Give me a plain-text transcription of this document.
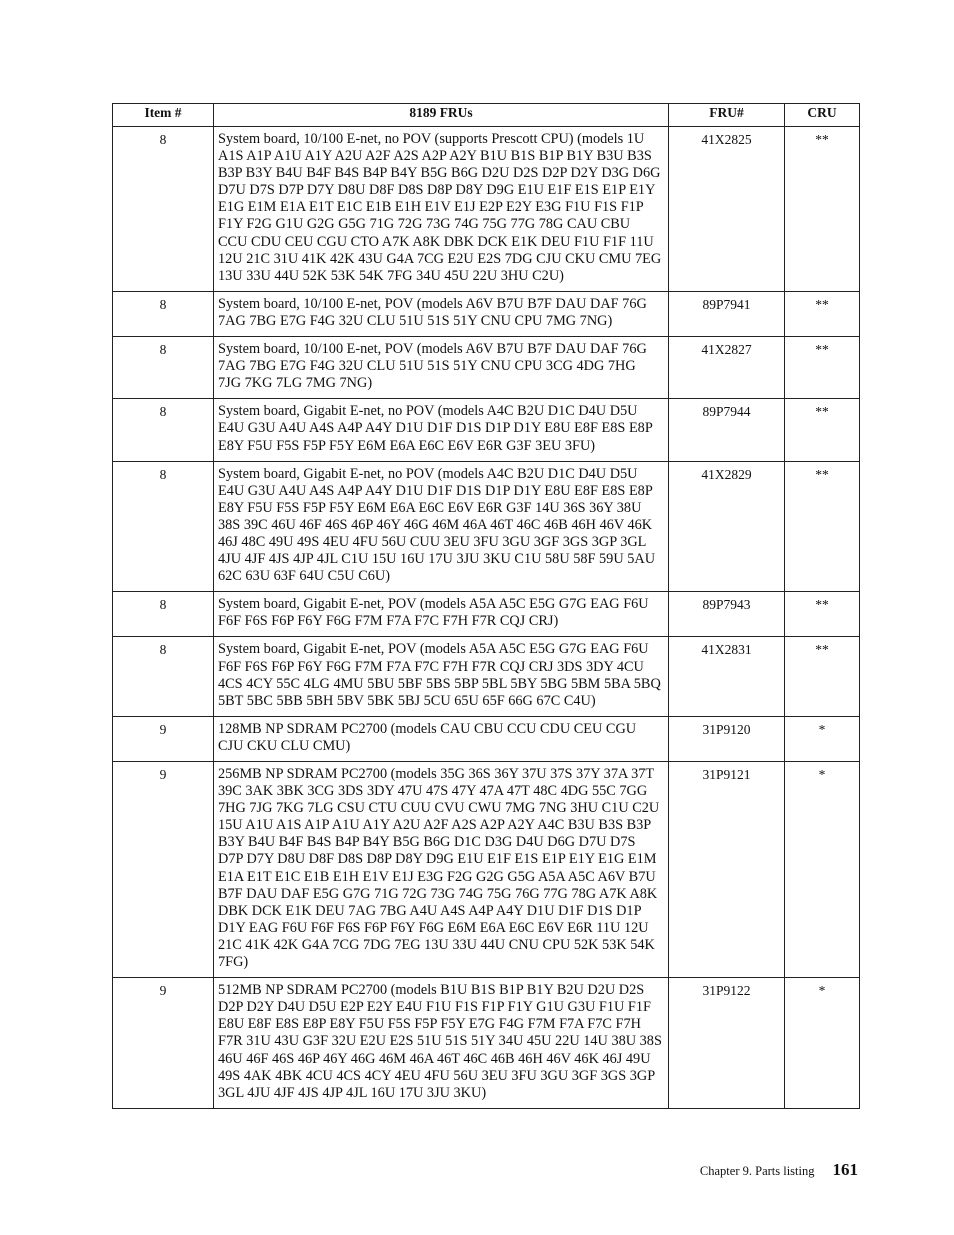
Item #	8189 FRUs	FRU#	CRU
8	System board, 10/100 E-net, no POV (supports Prescott CPU) (models 1U A1S A1P A1U A1Y A2U A2F A2S A2P A2Y B1U B1S B1P B1Y B3U B3S B3P B3Y B4U B4F B4S B4P B4Y B5G B6G D2U D2S D2P D2Y D3G D6G D7U D7S D7P D7Y D8U D8F D8S D8P D8Y D9G E1U E1F E1S E1P E1Y E1G E1M E1A E1T E1C E1B E1H E1V E1J E2P E2Y E3G F1U F1S F1P F1Y F2G G1U G2G G5G 71G 72G 73G 74G 75G 77G 78G CAU CBU CCU CDU CEU CGU CTO A7K A8K DBK DCK E1K DEU F1U F1F 11U 12U 21C 31U 41K 42K 43U G4A 7CG E2U E2S 7DG CJU CKU CMU 7EG 13U 33U 44U 52K 53K 54K 7FG 34U 45U 22U 3HU C2U)	41X2825	**
8	System board, 10/100 E-net, POV (models A6V B7U B7F DAU DAF 76G 7AG 7BG E7G F4G 32U CLU 51U 51S 51Y CNU CPU 7MG 7NG)	89P7941	**
8	System board, 10/100 E-net, POV (models A6V B7U B7F DAU DAF 76G 7AG 7BG E7G F4G 32U CLU 51U 51S 51Y CNU CPU 3CG 4DG 7HG 7JG 7KG 7LG 7MG 7NG)	41X2827	**
8	System board, Gigabit E-net, no POV (models A4C B2U D1C D4U D5U E4U G3U A4U A4S A4P A4Y D1U D1F D1S D1P D1Y E8U E8F E8S E8P E8Y F5U F5S F5P F5Y E6M E6A E6C E6V E6R G3F 3EU 3FU)	89P7944	**
8	System board, Gigabit E-net, no POV (models A4C B2U D1C D4U D5U E4U G3U A4U A4S A4P A4Y D1U D1F D1S D1P D1Y E8U E8F E8S E8P E8Y F5U F5S F5P F5Y E6M E6A E6C E6V E6R G3F 14U 36S 36Y 38U 38S 39C 46U 46F 46S 46P 46Y 46G 46M 46A 46T 46C 46B 46H 46V 46K 46J 48C 49U 49S 4EU 4FU 56U CUU 3EU 3FU 3GU 3GF 3GS 3GP 3GL 4JU 4JF 4JS 4JP 4JL C1U 15U 16U 17U 3JU 3KU C1U 58U 58F 59U 5AU 62C 63U 63F 64U C5U C6U)	41X2829	**
8	System board, Gigabit E-net, POV (models A5A A5C E5G G7G EAG F6U F6F F6S F6P F6Y F6G F7M F7A F7C F7H F7R CQJ CRJ)	89P7943	**
8	System board, Gigabit E-net, POV (models A5A A5C E5G G7G EAG F6U F6F F6S F6P F6Y F6G F7M F7A F7C F7H F7R CQJ CRJ 3DS 3DY 4CU 4CS 4CY 55C 4LG 4MU 5BU 5BF 5BS 5BP 5BL 5BY 5BG 5BM 5BA 5BQ 5BT 5BC 5BB 5BH 5BV 5BK 5BJ 5CU 65U 65F 66G 67C C4U)	41X2831	**
9	128MB NP SDRAM PC2700 (models CAU CBU CCU CDU CEU CGU CJU CKU CLU CMU)	31P9120	*
9	256MB NP SDRAM PC2700 (models 35G 36S 36Y 37U 37S 37Y 37A 37T 39C 3AK 3BK 3CG 3DS 3DY 47U 47S 47Y 47A 47T 48C 4DG 55C 7GG 7HG 7JG 7KG 7LG CSU CTU CUU CVU CWU 7MG 7NG 3HU C1U C2U 15U A1U A1S A1P A1U A1Y A2U A2F A2S A2P A2Y A4C B3U B3S B3P B3Y B4U B4F B4S B4P B4Y B5G B6G D1C D3G D4U D6G D7U D7S D7P D7Y D8U D8F D8S D8P D8Y D9G E1U E1F E1S E1P E1Y E1G E1M E1A E1T E1C E1B E1H E1V E1J E3G F2G G2G G5G A5A A5C A6V B7U B7F DAU DAF E5G G7G 71G 72G 73G 74G 75G 76G 77G 78G A7K A8K DBK DCK E1K DEU 7AG 7BG A4U A4S A4P A4Y D1U D1F D1S D1P D1Y EAG F6U F6F F6S F6P F6Y F6G E6M E6A E6C E6V E6R 11U 12U 21C 41K 42K G4A 7CG 7DG 7EG 13U 33U 44U CNU CPU 52K 53K 54K 7FG)	31P9121	*
9	512MB NP SDRAM PC2700 (models B1U B1S B1P B1Y B2U D2U D2S D2P D2Y D4U D5U E2P E2Y E4U F1U F1S F1P F1Y G1U G3U F1U F1F E8U E8F E8S E8P E8Y F5U F5S F5P F5Y E7G F4G F7M F7A F7C F7H F7R 31U 43U G3F 32U E2U E2S 51U 51S 51Y 34U 45U 22U 14U 38U 38S 46U 46F 46S 46P 46Y 46G 46M 46A 46T 46C 46B 46H 46V 46K 46J 49U 49S 4AK 4BK 4CU 4CS 4CY 4EU 4FU 56U 3EU 3FU 3GU 3GF 3GS 3GP 3GL 4JU 4JF 4JS 4JP 4JL 16U 17U 3JU 3KU)	31P9122	*
Chapter 9. Parts listing 161
